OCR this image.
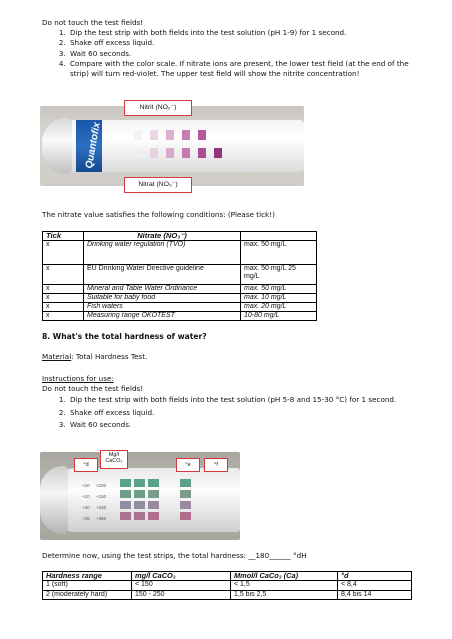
Do not touch the test fields!
1. Dip the test strip with both fields into the test solution (pH 1-9) for 1 second.
2. Shake off excess liquid.
3. Wait 60 seconds.
4. Compare with the color scale. If nitrate ions are present, the lower test field (at the end of the strip) will turn red-violet. The upper test field will show the nitrite concentration!
Quantofix
Nitrit (NO₂⁻)
Nitrat (NO₃⁻)
The nitrate value satisfies the following conditions: (Please tick!)
Tick	Nitrate (NO₃⁻)	
x	Drinking water regulation (TVO)	max. 50 mg/L
x	EU Drinking Water Directive guideline	max. 50 mg/L 25 mg/L
x	Mineral and Table Water Ordinance	max. 50 mg/L
x	Suitable for baby food	max. 10 mg/L
x	Fish waters	max. 20 mg/L
x	Measuring range OKOTEST	10-80 mg/L
8. What's the total hardness of water?
Material: Total Hardness Test.
Instructions for use:
Do not touch the test fields!
1. Dip the test strip with both fields into the test solution (pH 5-8 and 15-30 °C) for 1 second.
2. Shake off excess liquid.
3. Wait 60 seconds.
<10
+10
+20
+25
<100
+150
+250
+350
°d
Mg/l CaCO₃
°e	°f
Determine now, using the test strips, the total hardness: __180______ °dH
Hardness range	mg/l CaCO₃	Mmol/l CaCo₃ (Ca)	°d
1 (soft)	< 150	< 1,5	< 8,4
2 (moderately hard)	150 - 250	1,5 bis 2,5	8,4 bis 14
